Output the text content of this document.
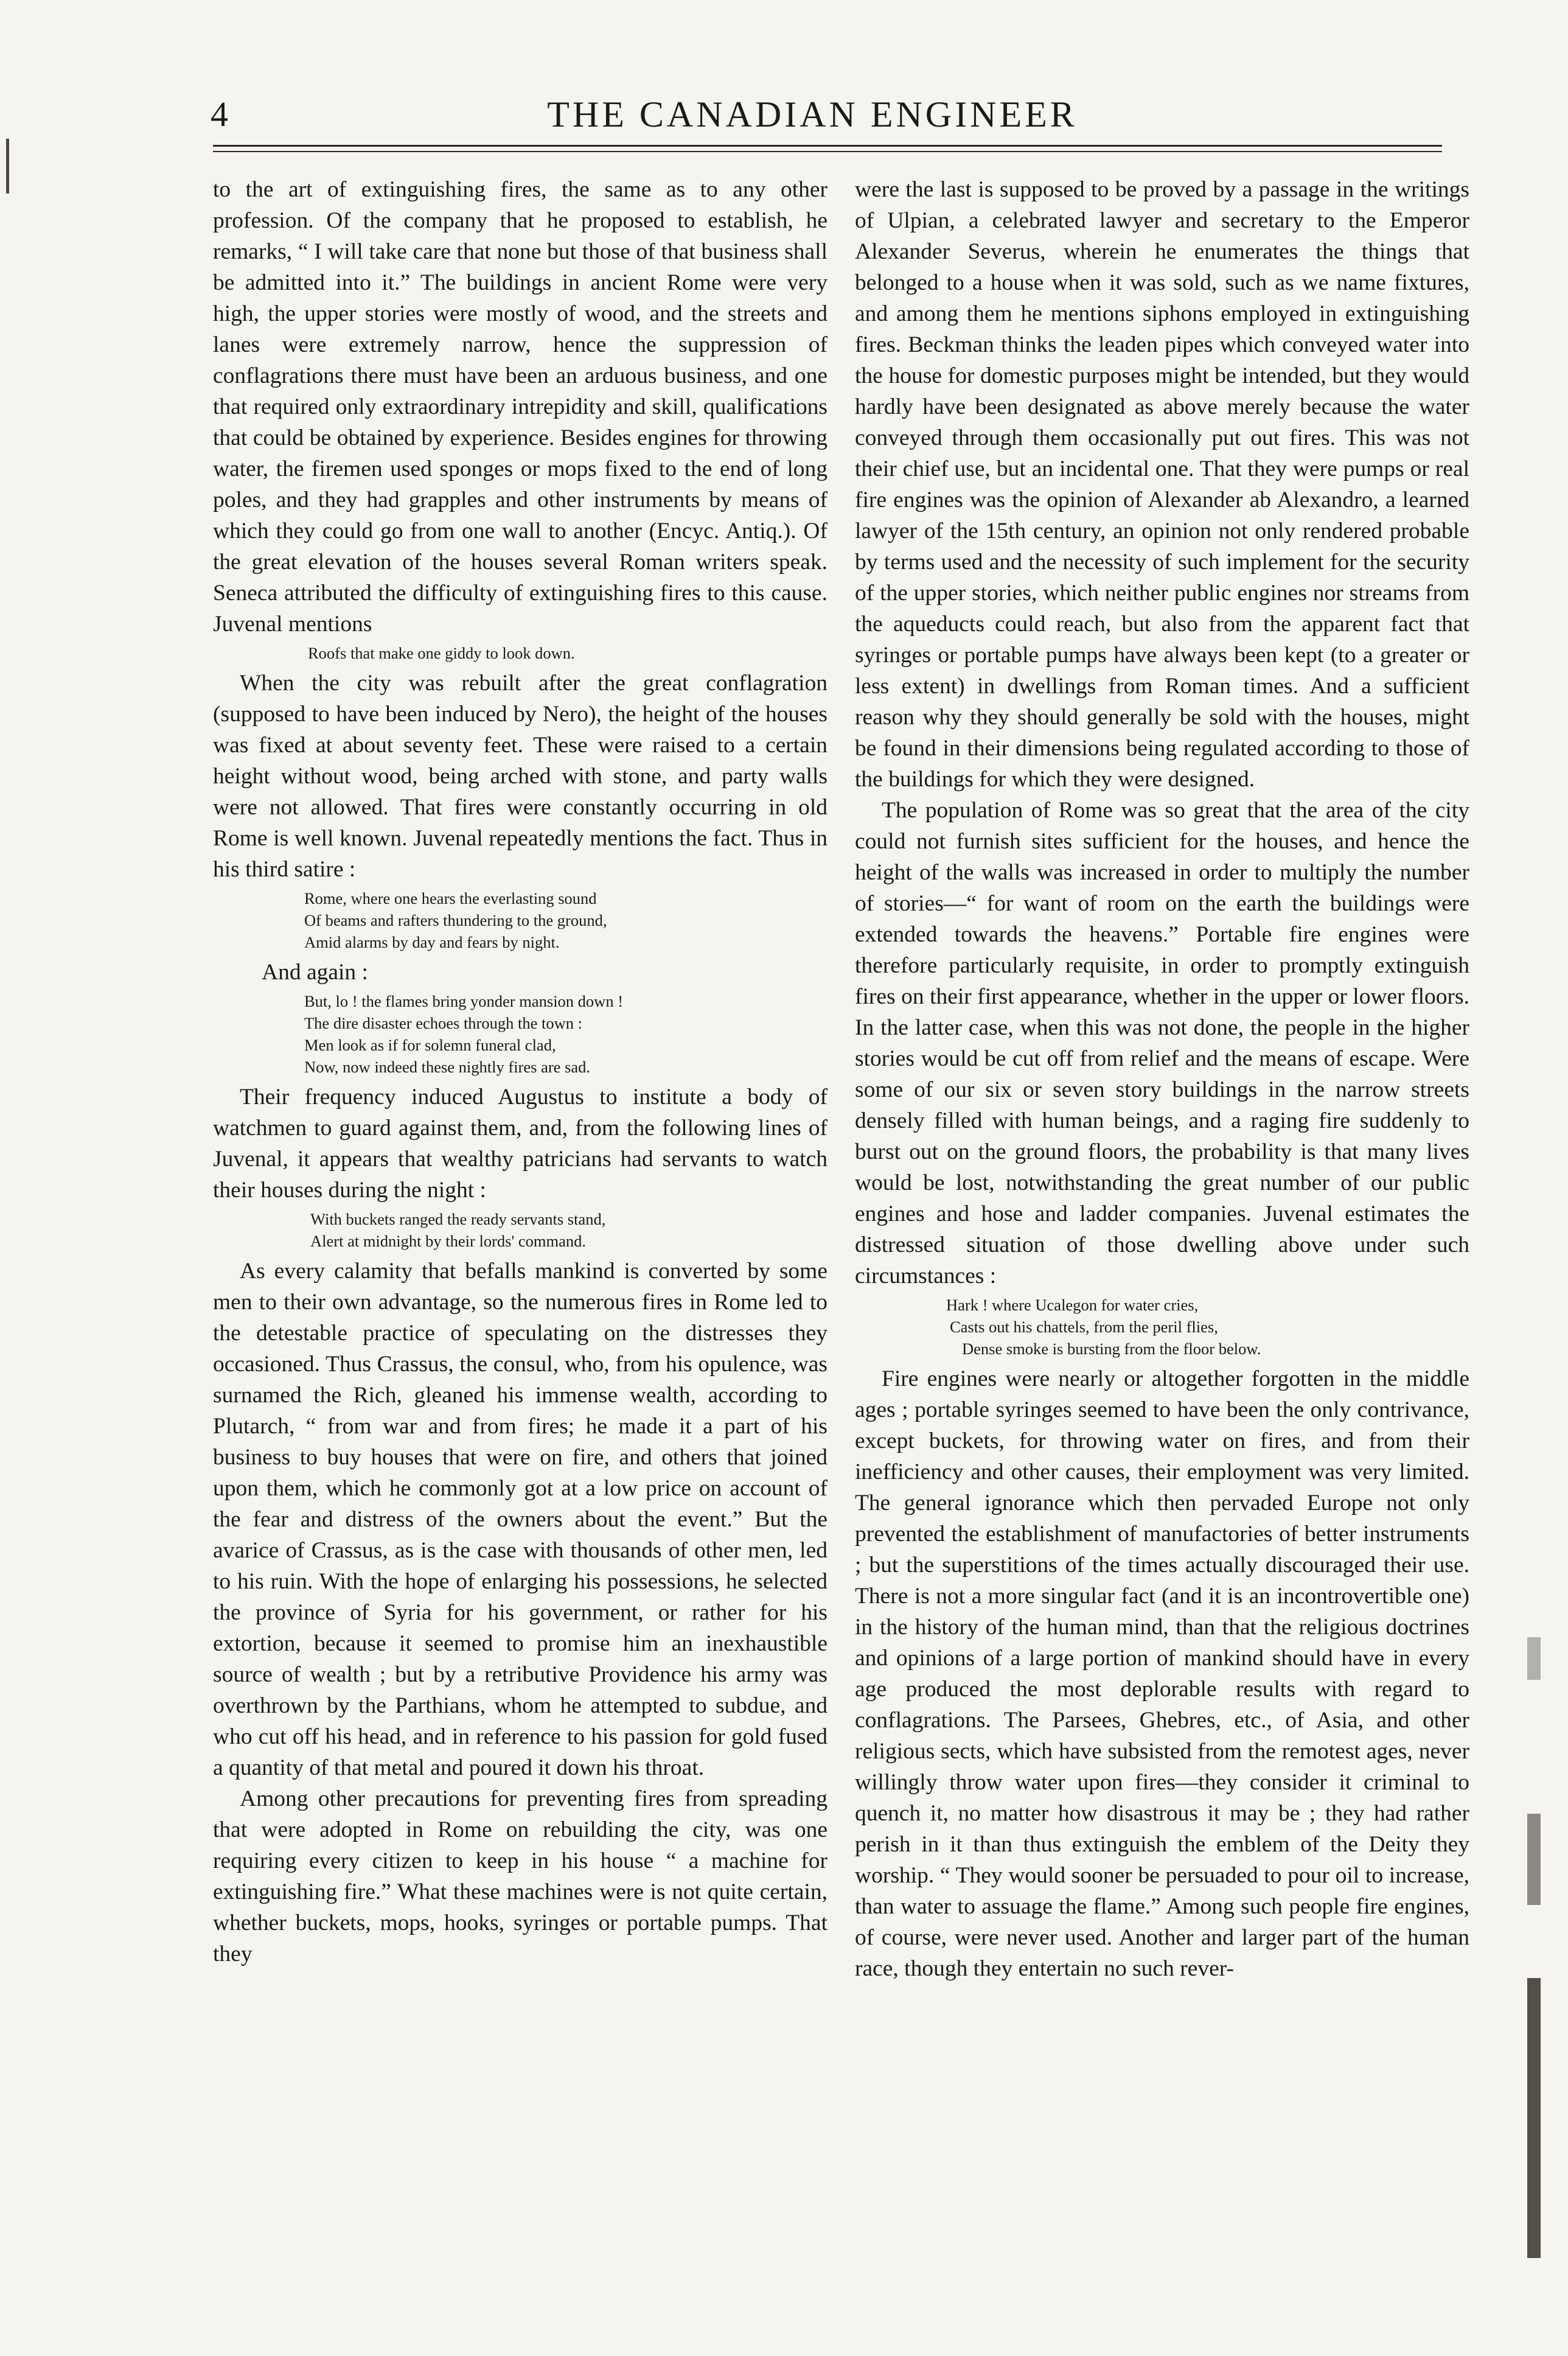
4	THE CANADIAN ENGINEER

to the art of extinguishing fires, the same as to any other profession. Of the company that he proposed to establish, he remarks, “ I will take care that none but those of that business shall be admitted into it.” The buildings in ancient Rome were very high, the upper stories were mostly of wood, and the streets and lanes were extremely narrow, hence the suppression of conflagrations there must have been an arduous business, and one that required only extraordinary intrepidity and skill, qualifications that could be obtained by experience. Besides engines for throwing water, the firemen used sponges or mops fixed to the end of long poles, and they had grapples and other instruments by means of which they could go from one wall to another (Encyc. Antiq.). Of the great elevation of the houses several Roman writers speak. Seneca attributed the difficulty of extinguishing fires to this cause. Juvenal mentions

Roofs that make one giddy to look down.

When the city was rebuilt after the great conflagration (supposed to have been induced by Nero), the height of the houses was fixed at about seventy feet. These were raised to a certain height without wood, being arched with stone, and party walls were not allowed. That fires were constantly occurring in old Rome is well known. Juvenal repeatedly mentions the fact. Thus in his third satire :

Rome, where one hears the everlasting sound
Of beams and rafters thundering to the ground,
Amid alarms by day and fears by night.

And again :

But, lo ! the flames bring yonder mansion down !
The dire disaster echoes through the town :
Men look as if for solemn funeral clad,
Now, now indeed these nightly fires are sad.

Their frequency induced Augustus to institute a body of watchmen to guard against them, and, from the following lines of Juvenal, it appears that wealthy patricians had servants to watch their houses during the night :

With buckets ranged the ready servants stand,
Alert at midnight by their lords' command.

As every calamity that befalls mankind is converted by some men to their own advantage, so the numerous fires in Rome led to the detestable practice of speculating on the distresses they occasioned. Thus Crassus, the consul, who, from his opulence, was surnamed the Rich, gleaned his immense wealth, according to Plutarch, “ from war and from fires; he made it a part of his business to buy houses that were on fire, and others that joined upon them, which he commonly got at a low price on account of the fear and distress of the owners about the event.” But the avarice of Crassus, as is the case with thousands of other men, led to his ruin. With the hope of enlarging his possessions, he selected the province of Syria for his government, or rather for his extortion, because it seemed to promise him an inexhaustible source of wealth ; but by a retributive Providence his army was overthrown by the Parthians, whom he attempted to subdue, and who cut off his head, and in reference to his passion for gold fused a quantity of that metal and poured it down his throat.

Among other precautions for preventing fires from spreading that were adopted in Rome on rebuilding the city, was one requiring every citizen to keep in his house “ a machine for extinguishing fire.” What these machines were is not quite certain, whether buckets, mops, hooks, syringes or portable pumps. That they

were the last is supposed to be proved by a passage in the writings of Ulpian, a celebrated lawyer and secretary to the Emperor Alexander Severus, wherein he enumerates the things that belonged to a house when it was sold, such as we name fixtures, and among them he mentions siphons employed in extinguishing fires. Beckman thinks the leaden pipes which conveyed water into the house for domestic purposes might be intended, but they would hardly have been designated as above merely because the water conveyed through them occasionally put out fires. This was not their chief use, but an incidental one. That they were pumps or real fire engines was the opinion of Alexander ab Alexandro, a learned lawyer of the 15th century, an opinion not only rendered probable by terms used and the necessity of such implement for the security of the upper stories, which neither public engines nor streams from the aqueducts could reach, but also from the apparent fact that syringes or portable pumps have always been kept (to a greater or less extent) in dwellings from Roman times. And a sufficient reason why they should generally be sold with the houses, might be found in their dimensions being regulated according to those of the buildings for which they were designed.

The population of Rome was so great that the area of the city could not furnish sites sufficient for the houses, and hence the height of the walls was increased in order to multiply the number of stories—“ for want of room on the earth the buildings were extended towards the heavens.” Portable fire engines were therefore particularly requisite, in order to promptly extinguish fires on their first appearance, whether in the upper or lower floors. In the latter case, when this was not done, the people in the higher stories would be cut off from relief and the means of escape. Were some of our six or seven story buildings in the narrow streets densely filled with human beings, and a raging fire suddenly to burst out on the ground floors, the probability is that many lives would be lost, notwithstanding the great number of our public engines and hose and ladder companies. Juvenal estimates the distressed situation of those dwelling above under such circumstances :

Hark ! where Ucalegon for water cries,
Casts out his chattels, from the peril flies,
Dense smoke is bursting from the floor below.

Fire engines were nearly or altogether forgotten in the middle ages ; portable syringes seemed to have been the only contrivance, except buckets, for throwing water on fires, and from their inefficiency and other causes, their employment was very limited. The general ignorance which then pervaded Europe not only prevented the establishment of manufactories of better instruments ; but the superstitions of the times actually discouraged their use. There is not a more singular fact (and it is an incontrovertible one) in the history of the human mind, than that the religious doctrines and opinions of a large portion of mankind should have in every age produced the most deplorable results with regard to conflagrations. The Parsees, Ghebres, etc., of Asia, and other religious sects, which have subsisted from the remotest ages, never willingly throw water upon fires—they consider it criminal to quench it, no matter how disastrous it may be ; they had rather perish in it than thus extinguish the emblem of the Deity they worship. “ They would sooner be persuaded to pour oil to increase, than water to assuage the flame.” Among such people fire engines, of course, were never used. Another and larger part of the human race, though they entertain no such rever-
